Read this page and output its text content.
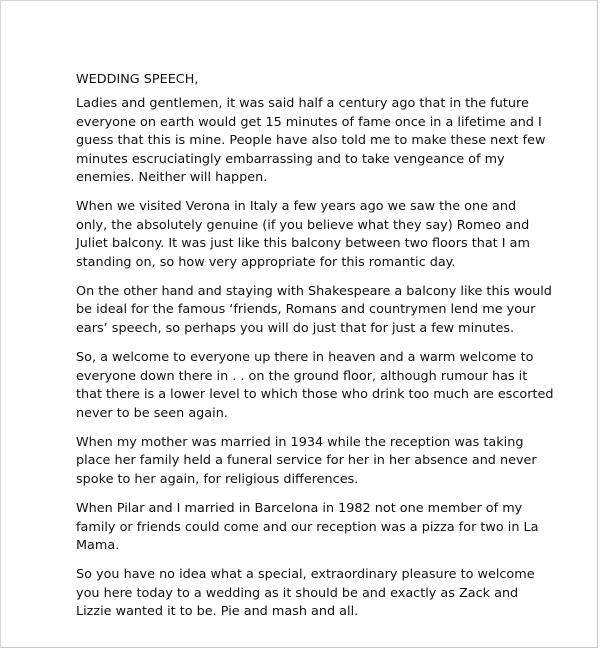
WEDDING SPEECH,

Ladies and gentlemen, it was said half a century ago that in the future
everyone on earth would get 15 minutes of fame once in a lifetime and I
guess that this is mine. People have also told me to make these next few
minutes escruciatingly embarrassing and to take vengeance of my
enemies. Neither will happen.

When we visited Verona in Italy a few years ago we saw the one and
only, the absolutely genuine (if you believe what they say) Romeo and
Juliet balcony. It was just like this balcony between two floors that I am
standing on, so how very appropriate for this romantic day.

On the other hand and staying with Shakespeare a balcony like this would
be ideal for the famous ‘friends, Romans and countrymen lend me your
ears’ speech, so perhaps you will do just that for just a few minutes.

So, a welcome to everyone up there in heaven and a warm welcome to
everyone down there in . . on the ground floor, although rumour has it
that there is a lower level to which those who drink too much are escorted
never to be seen again.

When my mother was married in 1934 while the reception was taking
place her family held a funeral service for her in her absence and never
spoke to her again, for religious differences.

When Pilar and I married in Barcelona in 1982 not one member of my
family or friends could come and our reception was a pizza for two in La
Mama.

So you have no idea what a special, extraordinary pleasure to welcome
you here today to a wedding as it should be and exactly as Zack and
Lizzie wanted it to be. Pie and mash and all.
